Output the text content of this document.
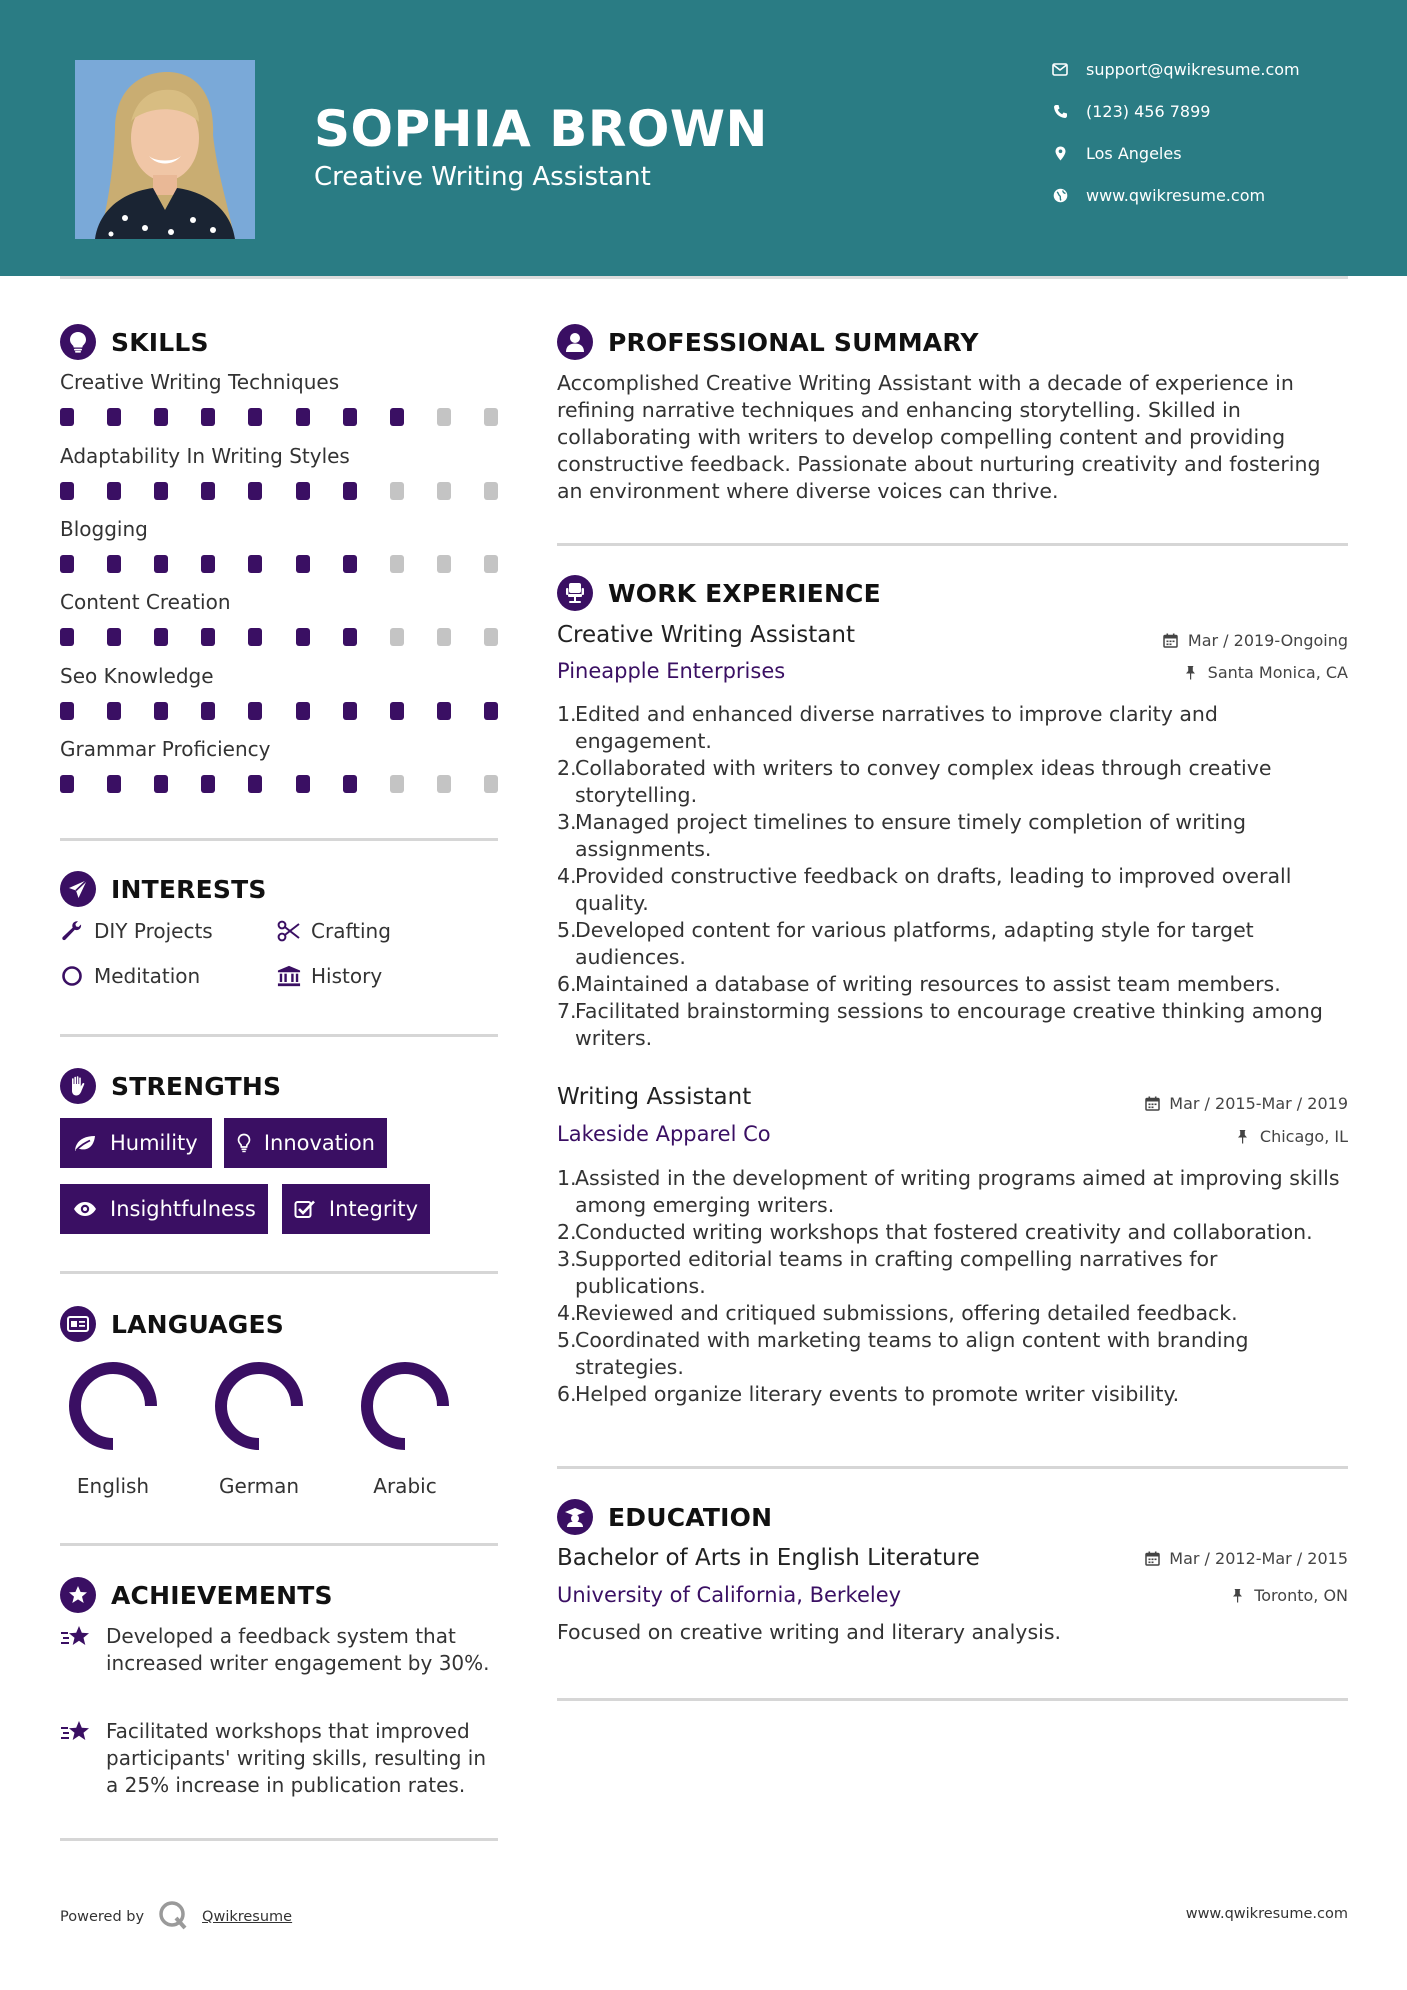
SOPHIA BROWN
Creative Writing Assistant
support@qwikresume.com
(123) 456 7899
Los Angeles
www.qwikresume.com
SKILLS
Creative Writing Techniques
Adaptability In Writing Styles
Blogging
Content Creation
Seo Knowledge
Grammar Proficiency
INTERESTS
DIY Projects	Crafting
Meditation	History
STRENGTHS
Humility	Innovation
Insightfulness	Integrity
LANGUAGES
English	German	Arabic
ACHIEVEMENTS
Developed a feedback system that increased writer engagement by 30%.
Facilitated workshops that improved participants' writing skills, resulting in a 25% increase in publication rates.
PROFESSIONAL SUMMARY
Accomplished Creative Writing Assistant with a decade of experience in refining narrative techniques and enhancing storytelling. Skilled in collaborating with writers to develop compelling content and providing constructive feedback. Passionate about nurturing creativity and fostering an environment where diverse voices can thrive.
WORK EXPERIENCE
Creative Writing Assistant	Mar / 2019-Ongoing
Pineapple Enterprises	Santa Monica, CA
1.
Edited and enhanced diverse narratives to improve clarity and engagement.
2.
Collaborated with writers to convey complex ideas through creative storytelling.
3.
Managed project timelines to ensure timely completion of writing assignments.
4.
Provided constructive feedback on drafts, leading to improved overall quality.
5.
Developed content for various platforms, adapting style for target audiences.
6.
Maintained a database of writing resources to assist team members.
7.
Facilitated brainstorming sessions to encourage creative thinking among writers.
Writing Assistant	Mar / 2015-Mar / 2019
Lakeside Apparel Co	Chicago, IL
1.
Assisted in the development of writing programs aimed at improving skills among emerging writers.
2.
Conducted writing workshops that fostered creativity and collaboration.
3.
Supported editorial teams in crafting compelling narratives for publications.
4.
Reviewed and critiqued submissions, offering detailed feedback.
5.
Coordinated with marketing teams to align content with branding strategies.
6.
Helped organize literary events to promote writer visibility.
EDUCATION
Bachelor of Arts in English Literature	Mar / 2012-Mar / 2015
University of California, Berkeley	Toronto, ON
Focused on creative writing and literary analysis.
Powered by	Qwikresume	www.qwikresume.com
